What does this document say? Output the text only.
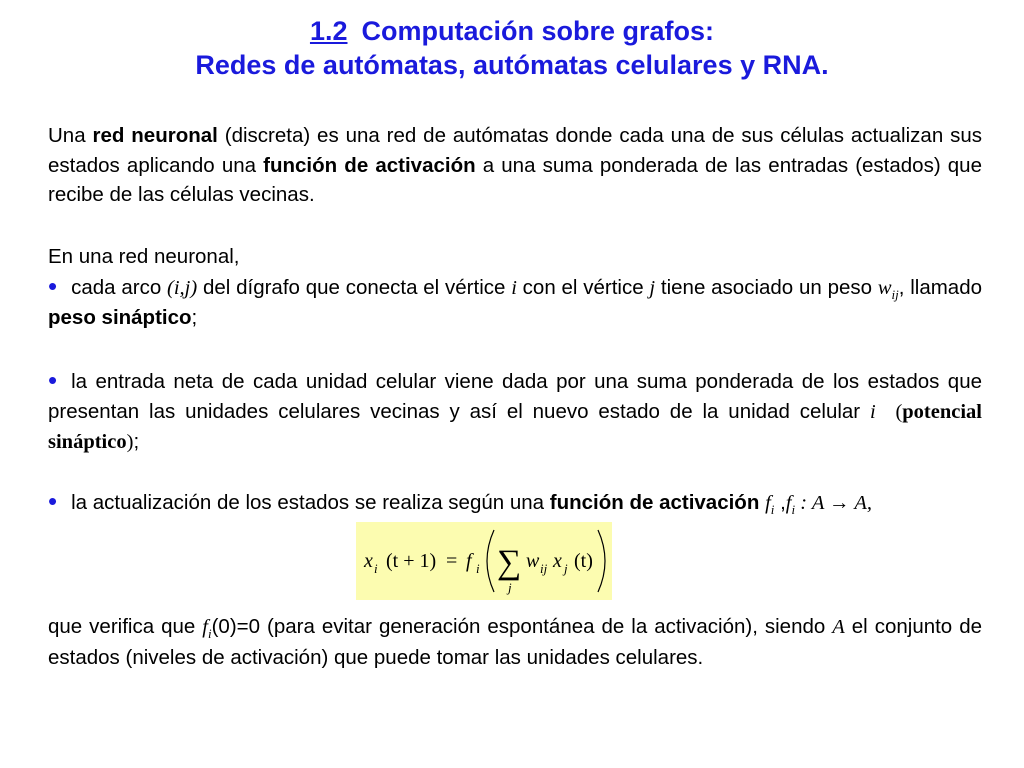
1.2 Computación sobre grafos:
Redes de autómatas, autómatas celulares y RNA.
Una red neuronal (discreta) es una red de autómatas donde cada una de sus células actualizan sus estados aplicando una función de activación a una suma ponderada de las entradas (estados) que recibe de las células vecinas.
En una red neuronal,
• cada arco (i,j) del dígrafo que conecta el vértice i con el vértice j tiene asociado un peso $w_{ij}$, llamado peso sináptico;
• la entrada neta de cada unidad celular viene dada por una suma ponderada de los estados que presentan las unidades celulares vecinas y así el nuevo estado de la unidad celular i (potencial sináptico);
• la actualización de los estados se realiza según una función de activación $f_i$ $,f_i$ : A → A,
x i (t + 1) = f i ∑
j
w ij x j (t)
que verifica que $f_i(0)=0$ (para evitar generación espontánea de la activación), siendo A el conjunto de estados (niveles de activación) que puede tomar las unidades celulares.
